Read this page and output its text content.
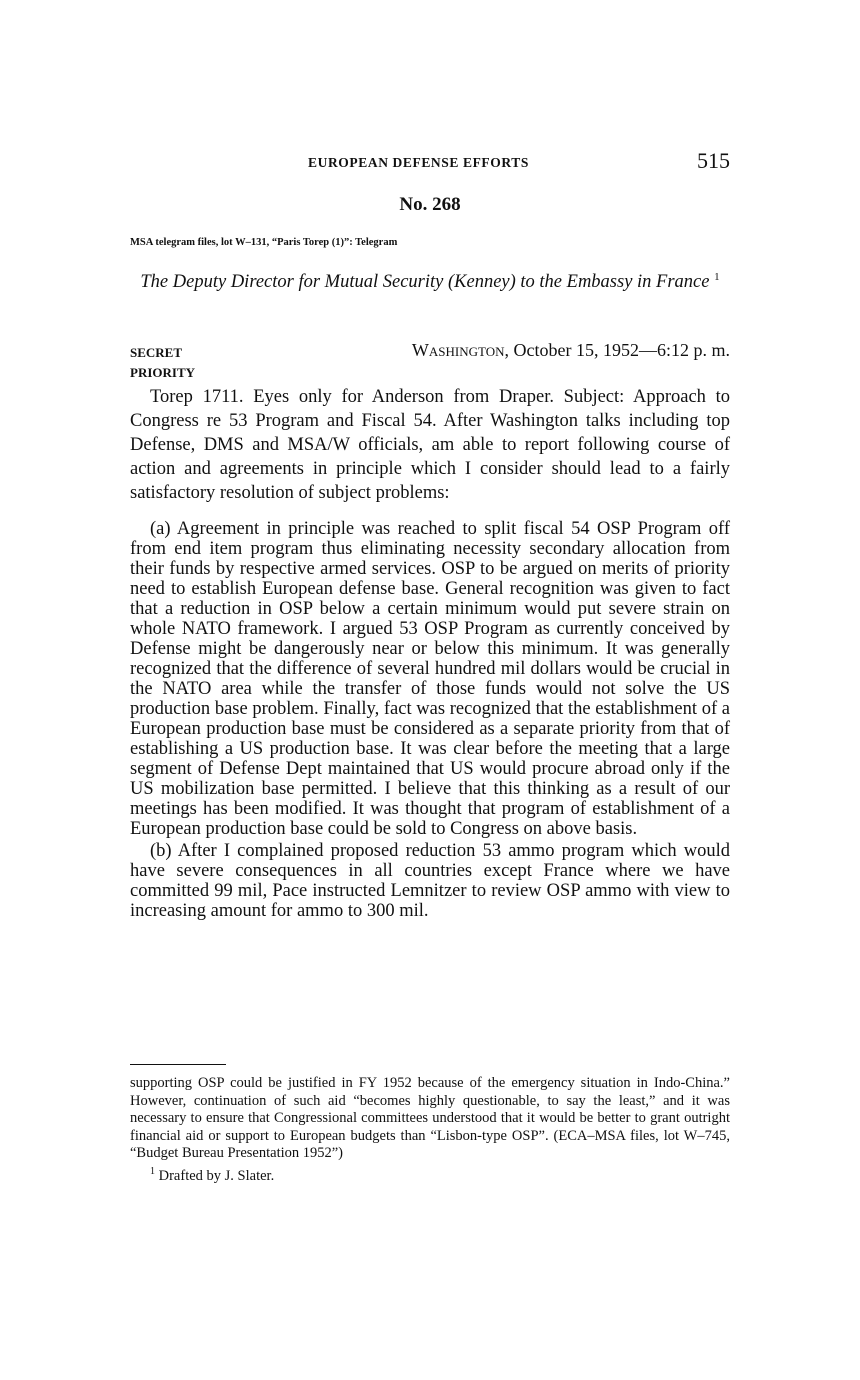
EUROPEAN DEFENSE EFFORTS	515
No. 268
MSA telegram files, lot W–131, “Paris Torep (1)”: Telegram
The Deputy Director for Mutual Security (Kenney) to the Embassy in France $^1$
SECRET
PRIORITY
Washington, October 15, 1952—6:12 p. m.

Torep 1711. Eyes only for Anderson from Draper. Subject: Approach to Congress re 53 Program and Fiscal 54. After Washington talks including top Defense, DMS and MSA/W officials, am able to report following course of action and agreements in principle which I consider should lead to a fairly satisfactory resolution of subject problems:

(a) Agreement in principle was reached to split fiscal 54 OSP Program off from end item program thus eliminating necessity secondary allocation from their funds by respective armed services. OSP to be argued on merits of priority need to establish European defense base. General recognition was given to fact that a reduction in OSP below a certain minimum would put severe strain on whole NATO framework. I argued 53 OSP Program as currently conceived by Defense might be dangerously near or below this minimum. It was generally recognized that the difference of several hundred mil dollars would be crucial in the NATO area while the transfer of those funds would not solve the US production base problem. Finally, fact was recognized that the establishment of a European production base must be considered as a separate priority from that of establishing a US production base. It was clear before the meeting that a large segment of Defense Dept maintained that US would procure abroad only if the US mobilization base permitted. I believe that this thinking as a result of our meetings has been modified. It was thought that program of establishment of a European production base could be sold to Congress on above basis.

(b) After I complained proposed reduction 53 ammo program which would have severe consequences in all countries except France where we have committed 99 mil, Pace instructed Lemnitzer to review OSP ammo with view to increasing amount for ammo to 300 mil.

supporting OSP could be justified in FY 1952 because of the emergency situation in Indo-China.” However, continuation of such aid “becomes highly questionable, to say the least,” and it was necessary to ensure that Congressional committees understood that it would be better to grant outright financial aid or support to European budgets than “Lisbon-type OSP”. (ECA–MSA files, lot W–745, “Budget Bureau Presentation 1952”)

$^1$ Drafted by J. Slater.
